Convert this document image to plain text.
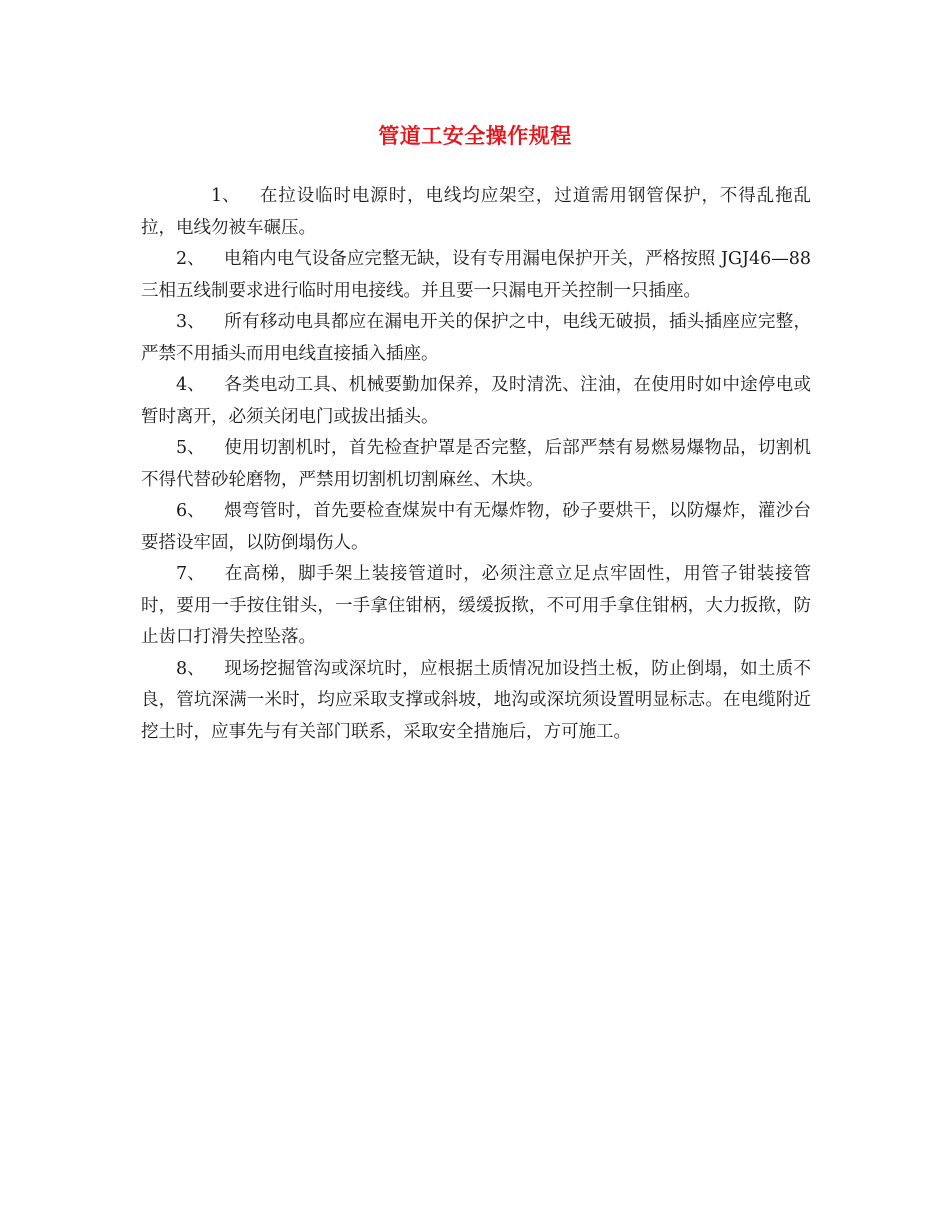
管道工安全操作规程

1、 在拉设临时电源时，电线均应架空，过道需用钢管保护，不得乱拖乱拉，电线勿被车碾压。

2、 电箱内电气设备应完整无缺，设有专用漏电保护开关，严格按照 JGJ46—88 三相五线制要求进行临时用电接线。并且要一只漏电开关控制一只插座。

3、 所有移动电具都应在漏电开关的保护之中，电线无破损，插头插座应完整，严禁不用插头而用电线直接插入插座。

4、 各类电动工具、机械要勤加保养，及时清洗、注油，在使用时如中途停电或暂时离开，必须关闭电门或拔出插头。

5、 使用切割机时，首先检查护罩是否完整，后部严禁有易燃易爆物品，切割机不得代替砂轮磨物，严禁用切割机切割麻丝、木块。

6、 煨弯管时，首先要检查煤炭中有无爆炸物，砂子要烘干，以防爆炸，灌沙台要搭设牢固，以防倒塌伤人。

7、 在高梯，脚手架上装接管道时，必须注意立足点牢固性，用管子钳装接管时，要用一手按住钳头，一手拿住钳柄，缓缓扳揿，不可用手拿住钳柄，大力扳揿，防止齿口打滑失控坠落。

8、 现场挖掘管沟或深坑时，应根据土质情况加设挡土板，防止倒塌，如土质不良，管坑深满一米时，均应采取支撑或斜坡，地沟或深坑须设置明显标志。在电缆附近挖土时，应事先与有关部门联系，采取安全措施后，方可施工。
